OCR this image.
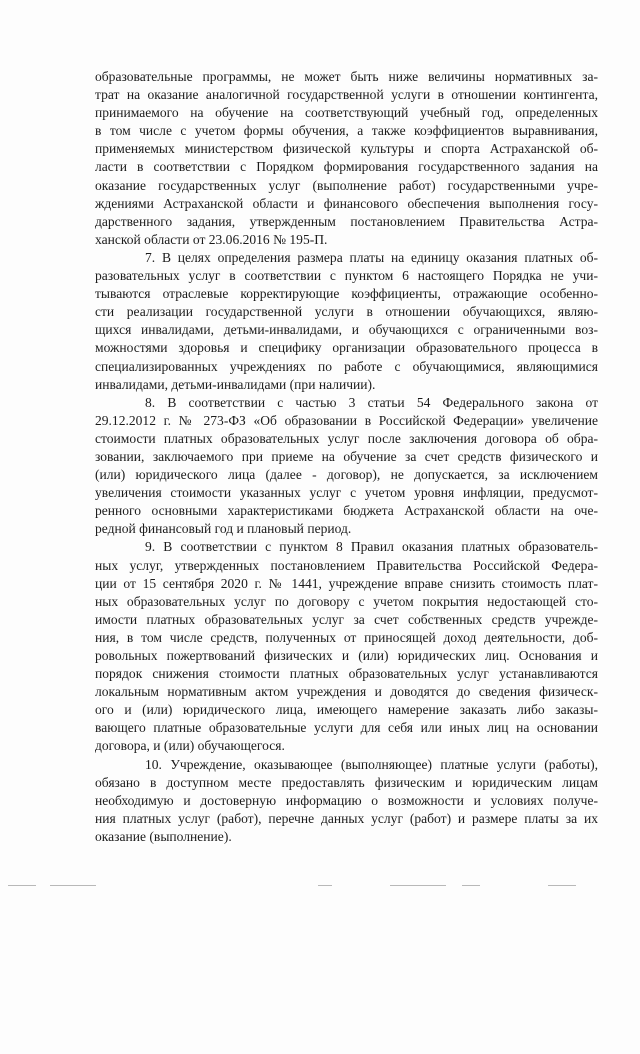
образовательные программы, не может быть ниже величины нормативных за-
трат на оказание аналогичной государственной услуги в отношении контингента,
принимаемого на обучение на соответствующий учебный год, определенных
в том числе с учетом формы обучения, а также коэффициентов выравнивания,
применяемых министерством физической культуры и спорта Астраханской об-
ласти в соответствии с Порядком формирования государственного задания на
оказание государственных услуг (выполнение работ) государственными учре-
ждениями Астраханской области и финансового обеспечения выполнения госу-
дарственного задания, утвержденным постановлением Правительства Астра-
ханской области от 23.06.2016 № 195-П.

7. В целях определения размера платы на единицу оказания платных об-
разовательных услуг в соответствии с пунктом 6 настоящего Порядка не учи-
тываются отраслевые корректирующие коэффициенты, отражающие особенно-
сти реализации государственной услуги в отношении обучающихся, являю-
щихся инвалидами, детьми-инвалидами, и обучающихся с ограниченными воз-
можностями здоровья и специфику организации образовательного процесса в
специализированных учреждениях по работе с обучающимися, являющимися
инвалидами, детьми-инвалидами (при наличии).

8. В соответствии с частью 3 статьи 54 Федерального закона от
29.12.2012 г. № 273-ФЗ «Об образовании в Российской Федерации» увеличение
стоимости платных образовательных услуг после заключения договора об обра-
зовании, заключаемого при приеме на обучение за счет средств физического и
(или) юридического лица (далее - договор), не допускается, за исключением
увеличения стоимости указанных услуг с учетом уровня инфляции, предусмот-
ренного основными характеристиками бюджета Астраханской области на оче-
редной финансовый год и плановый период.

9. В соответствии с пунктом 8 Правил оказания платных образователь-
ных услуг, утвержденных постановлением Правительства Российской Федера-
ции от 15 сентября 2020 г. № 1441, учреждение вправе снизить стоимость плат-
ных образовательных услуг по договору с учетом покрытия недостающей сто-
имости платных образовательных услуг за счет собственных средств учрежде-
ния, в том числе средств, полученных от приносящей доход деятельности, доб-
ровольных пожертвований физических и (или) юридических лиц. Основания и
порядок снижения стоимости платных образовательных услуг устанавливаются
локальным нормативным актом учреждения и доводятся до сведения физическ-
ого и (или) юридического лица, имеющего намерение заказать либо заказы-
вающего платные образовательные услуги для себя или иных лиц на основании
договора, и (или) обучающегося.

10. Учреждение, оказывающее (выполняющее) платные услуги (работы),
обязано в доступном месте предоставлять физическим и юридическим лицам
необходимую и достоверную информацию о возможности и условиях получе-
ния платных услуг (работ), перечне данных услуг (работ) и размере платы за их
оказание (выполнение).
